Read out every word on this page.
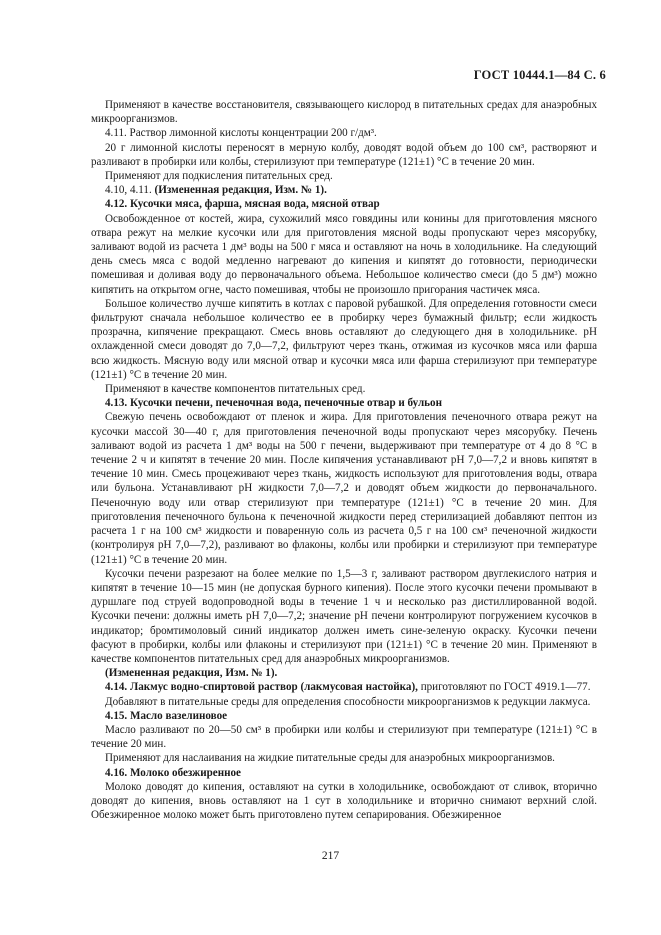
ГОСТ 10444.1—84 С. 6

Применяют в качестве восстановителя, связывающего кислород в питательных средах для анаэробных микроорганизмов.

4.11. Раствор лимонной кислоты концентрации 200 г/дм³.

20 г лимонной кислоты переносят в мерную колбу, доводят водой объем до 100 см³, растворяют и разливают в пробирки или колбы, стерилизуют при температуре (121±1) °С в течение 20 мин.

Применяют для подкисления питательных сред.

4.10, 4.11. (Измененная редакция, Изм. № 1).

4.12. Кусочки мяса, фарша, мясная вода, мясной отвар

Освобожденное от костей, жира, сухожилий мясо говядины или конины для приготовления мясного отвара режут на мелкие кусочки или для приготовления мясной воды пропускают через мясорубку, заливают водой из расчета 1 дм³ воды на 500 г мяса и оставляют на ночь в холодильнике. На следующий день смесь мяса с водой медленно нагревают до кипения и кипятят до готовности, периодически помешивая и доливая воду до первоначального объема. Небольшое количество смеси (до 5 дм³) можно кипятить на открытом огне, часто помешивая, чтобы не произошло пригорания частичек мяса.

Большое количество лучше кипятить в котлах с паровой рубашкой. Для определения готовности смеси фильтруют сначала небольшое количество ее в пробирку через бумажный фильтр; если жидкость прозрачна, кипячение прекращают. Смесь вновь оставляют до следующего дня в холодильнике. рН охлажденной смеси доводят до 7,0—7,2, фильтруют через ткань, отжимая из кусочков мяса или фарша всю жидкость. Мясную воду или мясной отвар и кусочки мяса или фарша стерилизуют при температуре (121±1) °С в течение 20 мин.

Применяют в качестве компонентов питательных сред.

4.13. Кусочки печени, печеночная вода, печеночные отвар и бульон

Свежую печень освобождают от пленок и жира. Для приготовления печеночного отвара режут на кусочки массой 30—40 г, для приготовления печеночной воды пропускают через мясорубку. Печень заливают водой из расчета 1 дм³ воды на 500 г печени, выдерживают при температуре от 4 до 8 °С в течение 2 ч и кипятят в течение 20 мин. После кипячения устанавливают рН 7,0—7,2 и вновь кипятят в течение 10 мин. Смесь процеживают через ткань, жидкость используют для приготовления воды, отвара или бульона. Устанавливают рН жидкости 7,0—7,2 и доводят объем жидкости до первоначального. Печеночную воду или отвар стерилизуют при температуре (121±1) °С в течение 20 мин. Для приготовления печеночного бульона к печеночной жидкости перед стерилизацией добавляют пептон из расчета 1 г на 100 см³ жидкости и поваренную соль из расчета 0,5 г на 100 см³ печеночной жидкости (контролируя рН 7,0—7,2), разливают во флаконы, колбы или пробирки и стерилизуют при температуре (121±1) °С в течение 20 мин.

Кусочки печени разрезают на более мелкие по 1,5—3 г, заливают раствором двуглекислого натрия и кипятят в течение 10—15 мин (не допуская бурного кипения). После этого кусочки печени промывают в дуршлаге под струей водопроводной воды в течение 1 ч и несколько раз дистиллированной водой. Кусочки печени: должны иметь рН 7,0—7,2; значение рН печени контролируют погружением кусочков в индикатор; бромтимоловый синий индикатор должен иметь сине-зеленую окраску. Кусочки печени фасуют в пробирки, колбы или флаконы и стерилизуют при (121±1) °С в течение 20 мин. Применяют в качестве компонентов питательных сред для анаэробных микроорганизмов.

(Измененная редакция, Изм. № 1).

4.14. Лакмус водно-спиртовой раствор (лакмусовая настойка), приготовляют по ГОСТ 4919.1—77.

Добавляют в питательные среды для определения способности микроорганизмов к редукции лакмуса.

4.15. Масло вазелиновое

Масло разливают по 20—50 см³ в пробирки или колбы и стерилизуют при температуре (121±1) °С в течение 20 мин.

Применяют для наслаивания на жидкие питательные среды для анаэробных микроорганизмов.

4.16. Молоко обезжиренное

Молоко доводят до кипения, оставляют на сутки в холодильнике, освобождают от сливок, вторично доводят до кипения, вновь оставляют на 1 сут в холодильнике и вторично снимают верхний слой. Обезжиренное молоко может быть приготовлено путем сепарирования. Обезжиренное

217
